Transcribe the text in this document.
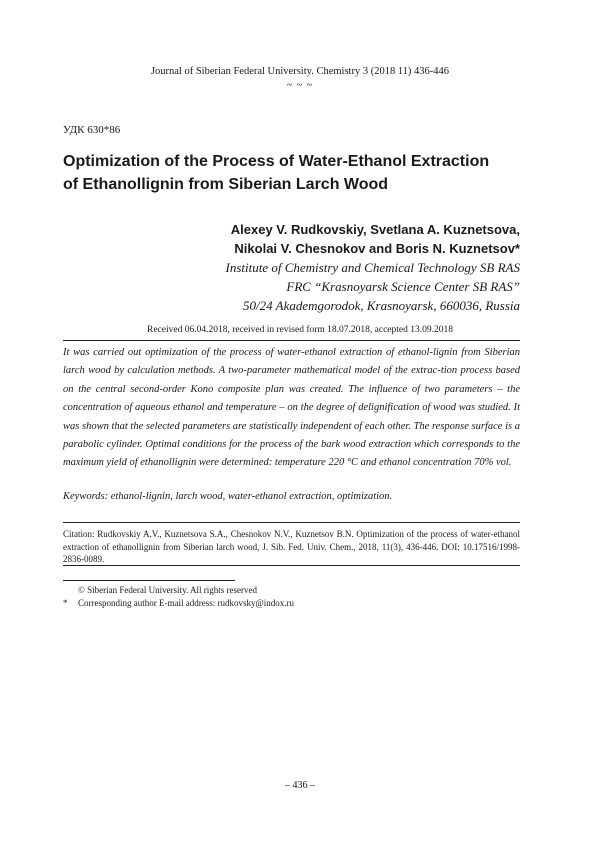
Journal of Siberian Federal University. Chemistry 3 (2018 11) 436-446
~ ~ ~
УДК 630*86
Optimization of the Process of Water-Ethanol Extraction
of Ethanollignin from Siberian Larch Wood
Alexey V. Rudkovskiy, Svetlana A. Kuznetsova,
Nikolai V. Chesnokov and Boris N. Kuznetsov*
Institute of Chemistry and Chemical Technology SB RAS
FRC “Krasnoyarsk Science Center SB RAS”
50/24 Akademgorodok, Krasnoyarsk, 660036, Russia
Received 06.04.2018, received in revised form 18.07.2018, accepted 13.09.2018
It was carried out optimization of the process of water-ethanol extraction of ethanol-lignin from Siberian larch wood by calculation methods. A two-parameter mathematical model of the extrac-tion process based on the central second-order Kono composite plan was created. The influence of two parameters – the concentration of aqueous ethanol and temperature – on the degree of delignification of wood was studied. It was shown that the selected parameters are statistically independent of each other. The response surface is a parabolic cylinder. Optimal conditions for the process of the bark wood extraction which corresponds to the maximum yield of ethanollignin were determined: temperature 220 °С and ethanol concentration 70% vol.
Keywords: ethanol-lignin, larch wood, water-ethanol extraction, optimization.
Citation: Rudkovskiy A.V., Kuznetsova S.A., Chesnokov N.V., Kuznetsov B.N. Optimization of the process of water-ethanol extraction of ethanollignin from Siberian larch wood, J. Sib. Fed. Univ. Chem., 2018, 11(3), 436-446. DOI: 10.17516/1998-2836-0089.
© Siberian Federal University. All rights reserved
* Corresponding author E-mail address: rudkovsky@indox.ru
– 436 –
